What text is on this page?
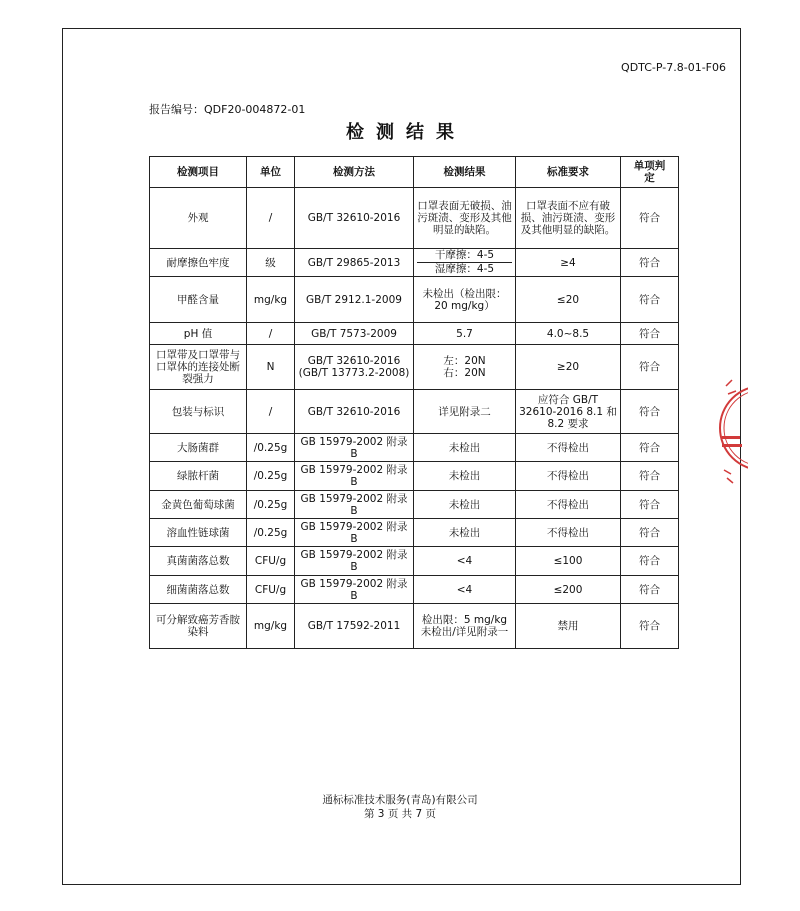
QDTC-P-7.8-01-F06
报告编号：QDF20-004872-01
检测结果
检测项目	单位	检测方法	检测结果	标准要求	单项判定
外观	/	GB/T 32610-2016	口罩表面无破损、油污斑渍、变形及其他明显的缺陷。	口罩表面不应有破损、油污斑渍、变形及其他明显的缺陷。	符合
耐摩擦色牢度	级	GB/T 29865-2013	干摩擦：4-5
湿摩擦：4-5	≥4	符合
甲醛含量	mg/kg	GB/T 2912.1-2009	未检出（检出限：20 mg/kg）	≤20	符合
pH 值	/	GB/T 7573-2009	5.7	4.0~8.5	符合
口罩带及口罩带与口罩体的连接处断裂强力	N	GB/T 32610-2016 (GB/T 13773.2-2008)	左：20N
右：20N	≥20	符合
包装与标识	/	GB/T 32610-2016	详见附录二	应符合 GB/T 32610-2016 8.1 和 8.2 要求	符合
大肠菌群	/0.25g	GB 15979-2002 附录 B	未检出	不得检出	符合
绿脓杆菌	/0.25g	GB 15979-2002 附录 B	未检出	不得检出	符合
金黄色葡萄球菌	/0.25g	GB 15979-2002 附录 B	未检出	不得检出	符合
溶血性链球菌	/0.25g	GB 15979-2002 附录 B	未检出	不得检出	符合
真菌菌落总数	CFU/g	GB 15979-2002 附录 B	<4	≤100	符合
细菌菌落总数	CFU/g	GB 15979-2002 附录 B	<4	≤200	符合
可分解致癌芳香胺染料	mg/kg	GB/T 17592-2011	检出限：5 mg/kg 未检出/详见附录一	禁用	符合
通标标准技术服务(青岛)有限公司
第 3 页 共 7 页
